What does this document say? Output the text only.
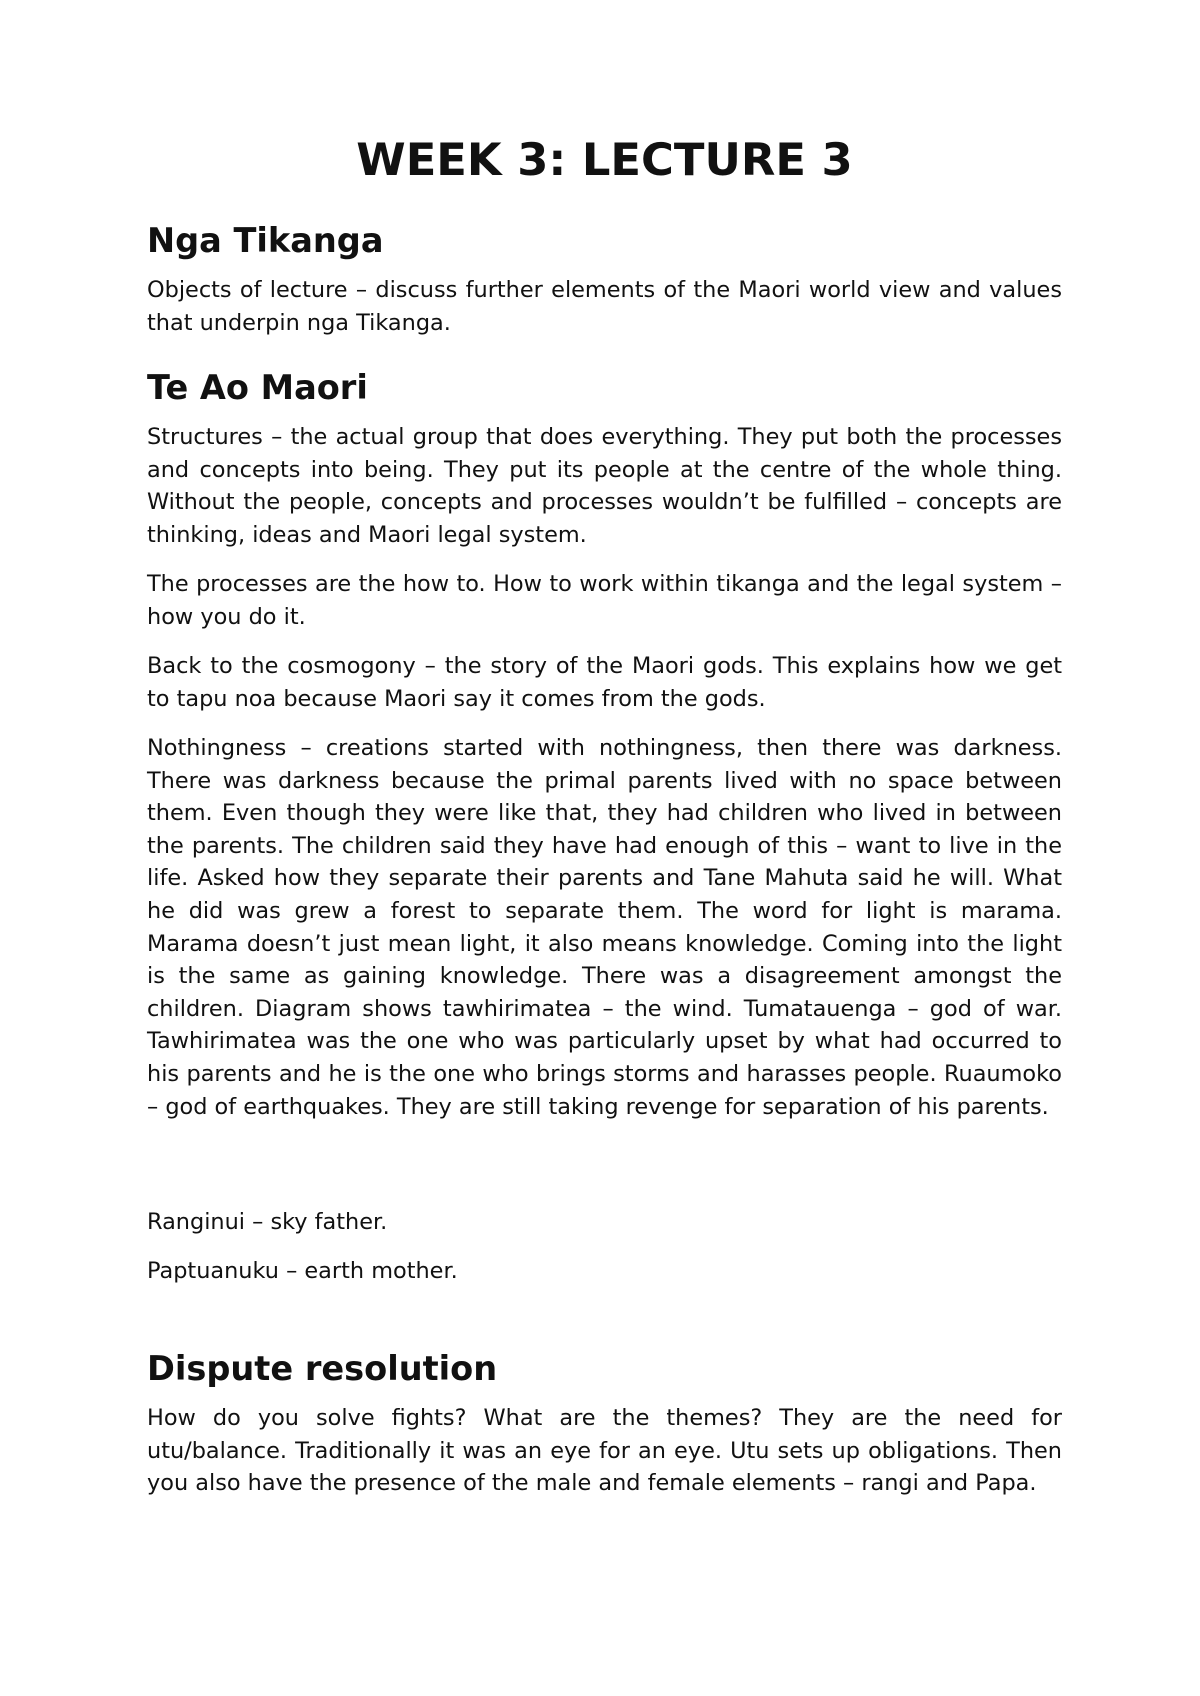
WEEK 3: LECTURE 3
Nga Tikanga

Objects of lecture – discuss further elements of the Maori world view and values that underpin nga Tikanga.

Te Ao Maori

Structures – the actual group that does everything. They put both the processes and concepts into being. They put its people at the centre of the whole thing. Without the people, concepts and processes wouldn’t be fulfilled – concepts are thinking, ideas and Maori legal system.

The processes are the how to. How to work within tikanga and the legal system – how you do it.

Back to the cosmogony – the story of the Maori gods. This explains how we get to tapu noa because Maori say it comes from the gods.

Nothingness – creations started with nothingness, then there was darkness. There was darkness because the primal parents lived with no space between them. Even though they were like that, they had children who lived in between the parents. The children said they have had enough of this – want to live in the life. Asked how they separate their parents and Tane Mahuta said he will. What he did was grew a forest to separate them. The word for light is marama. Marama doesn’t just mean light, it also means knowledge. Coming into the light is the same as gaining knowledge. There was a disagreement amongst the children. Diagram shows tawhirimatea – the wind. Tumatauenga – god of war. Tawhirimatea was the one who was particularly upset by what had occurred to his parents and he is the one who brings storms and harasses people. Ruaumoko – god of earthquakes. They are still taking revenge for separation of his parents.

Ranginui – sky father.

Paptuanuku – earth mother.

Dispute resolution

How do you solve fights? What are the themes? They are the need for utu/balance. Traditionally it was an eye for an eye. Utu sets up obligations. Then you also have the presence of the male and female elements – rangi and Papa.
